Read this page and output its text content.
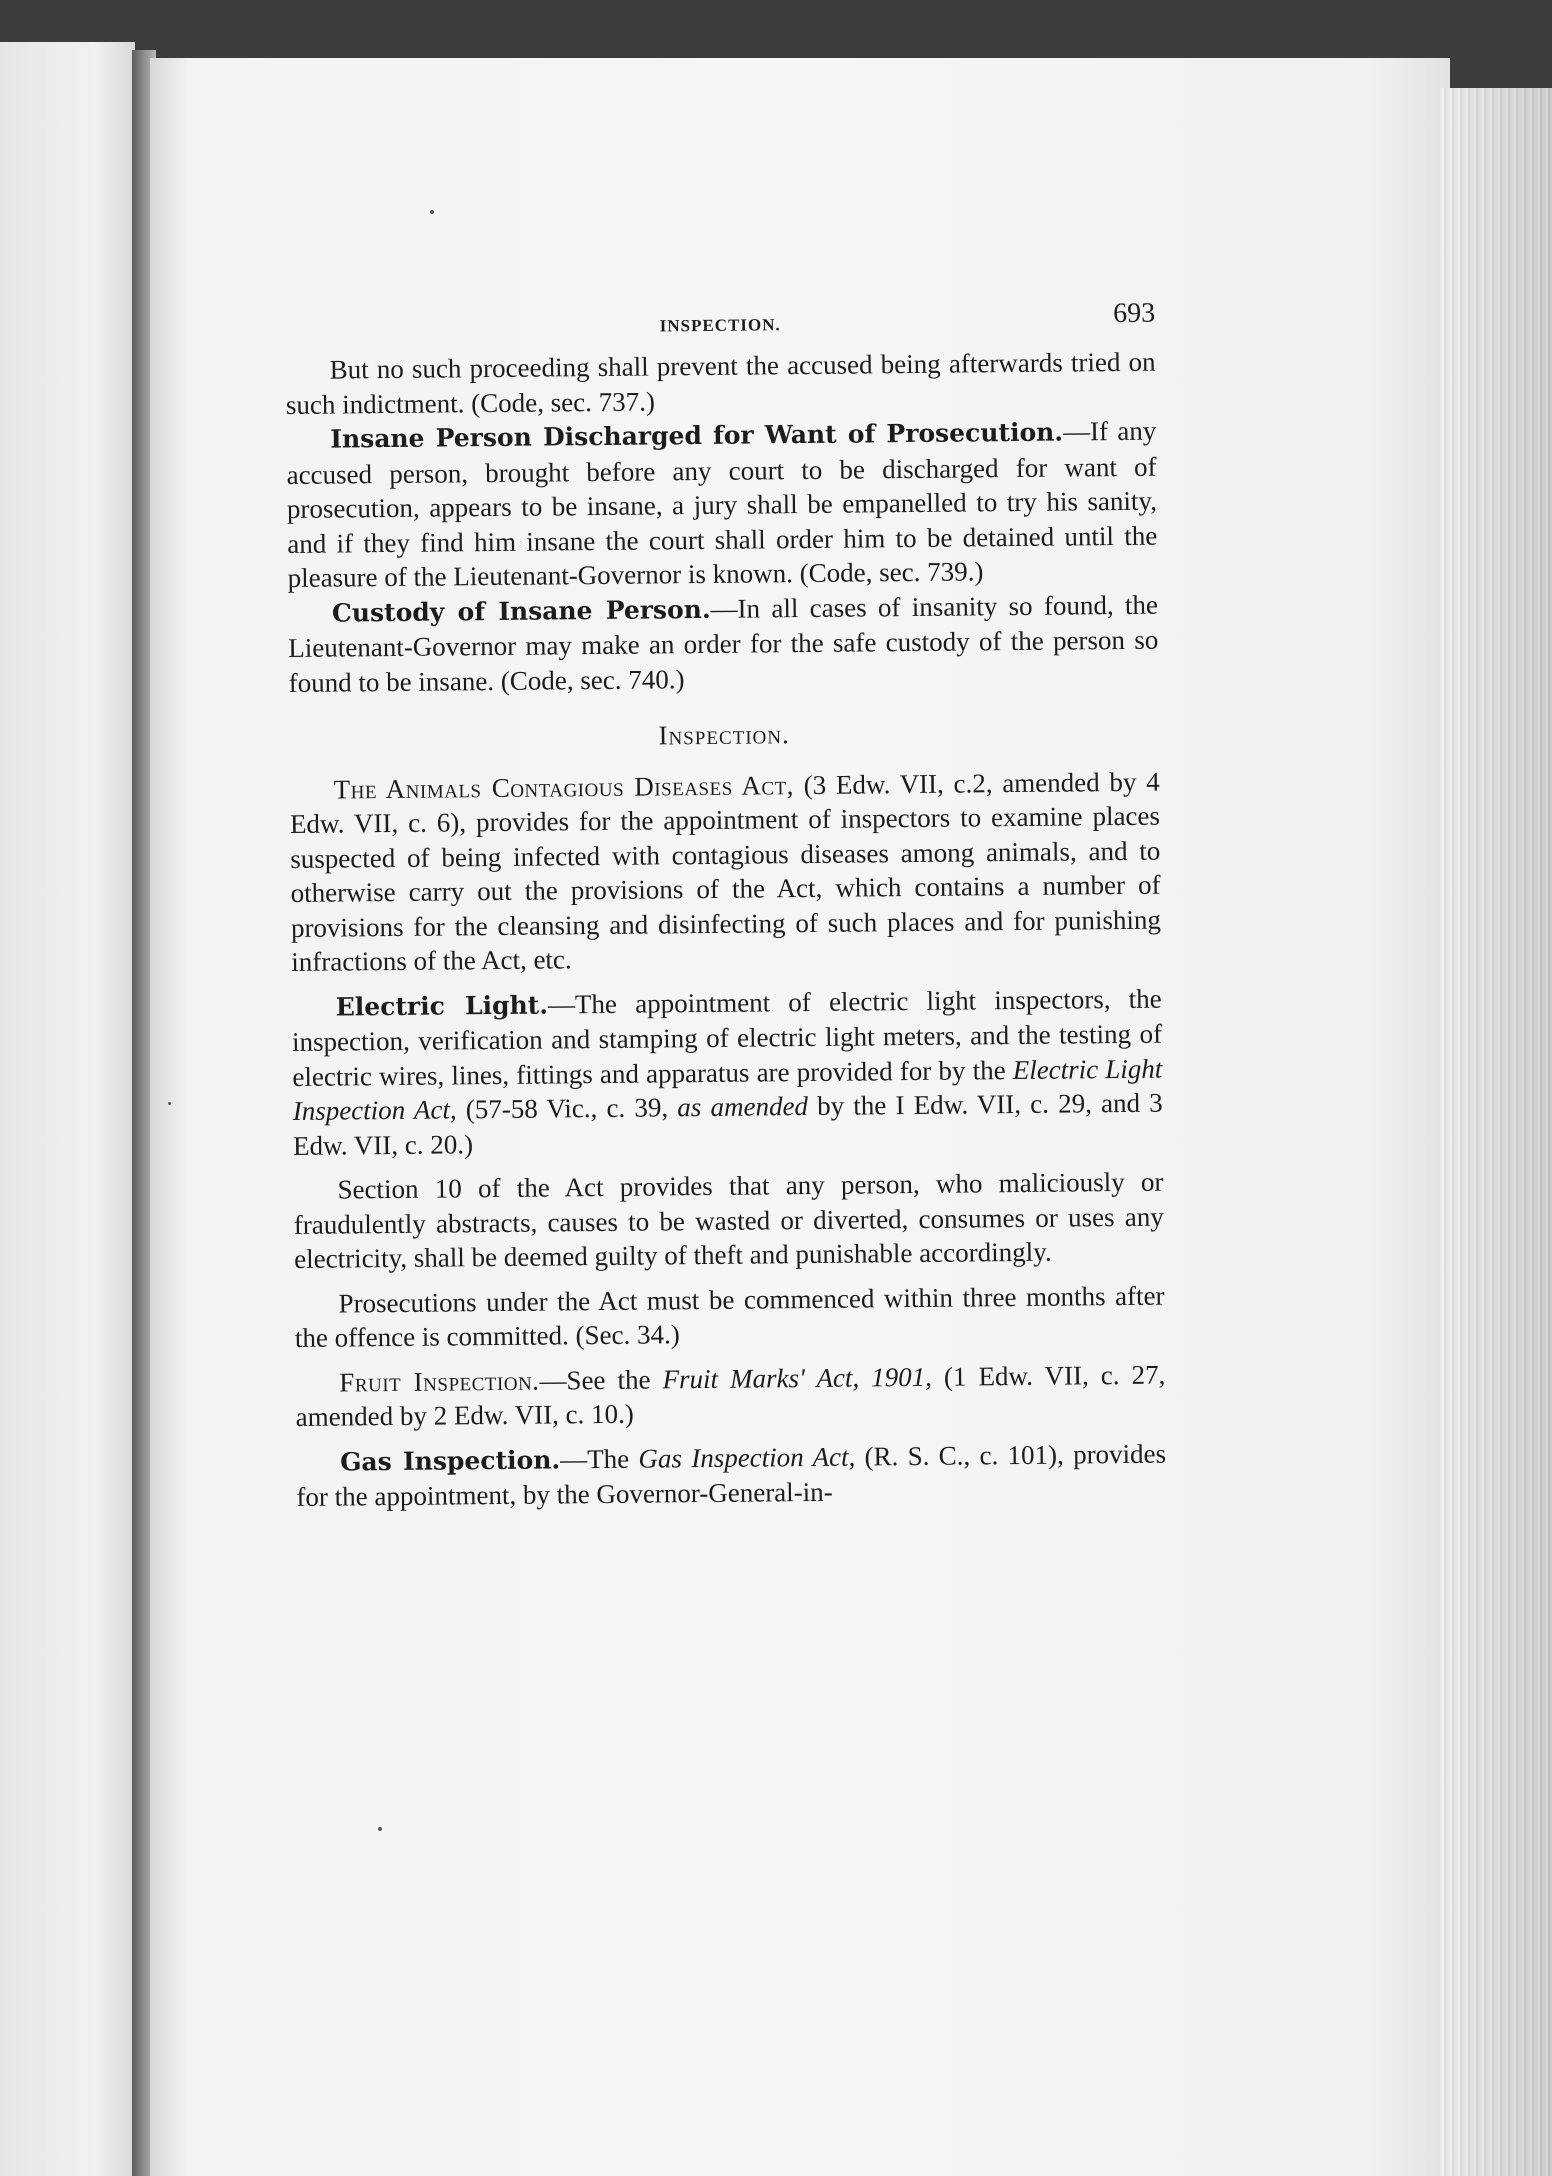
INSPECTION.	693

But no such proceeding shall prevent the accused being afterwards tried on such indictment. (Code, sec. 737.)

Insane Person Discharged for Want of Prosecution.—If any accused person, brought before any court to be discharged for want of prosecution, appears to be insane, a jury shall be empanelled to try his sanity, and if they find him insane the court shall order him to be detained until the pleasure of the Lieutenant-Governor is known. (Code, sec. 739.)

Custody of Insane Person.—In all cases of insanity so found, the Lieutenant-Governor may make an order for the safe custody of the person so found to be insane. (Code, sec. 740.)

Inspection.

The Animals Contagious Diseases Act, (3 Edw. VII, c.2, amended by 4 Edw. VII, c. 6), provides for the appointment of inspectors to examine places suspected of being infected with contagious diseases among animals, and to otherwise carry out the provisions of the Act, which contains a number of provisions for the cleansing and disinfecting of such places and for punishing infractions of the Act, etc.

Electric Light.—The appointment of electric light inspectors, the inspection, verification and stamping of electric light meters, and the testing of electric wires, lines, fittings and apparatus are provided for by the Electric Light Inspection Act, (57-58 Vic., c. 39, as amended by the I Edw. VII, c. 29, and 3 Edw. VII, c. 20.)

Section 10 of the Act provides that any person, who maliciously or fraudulently abstracts, causes to be wasted or diverted, consumes or uses any electricity, shall be deemed guilty of theft and punishable accordingly.

Prosecutions under the Act must be commenced within three months after the offence is committed. (Sec. 34.)

Fruit Inspection.—See the Fruit Marks' Act, 1901, (1 Edw. VII, c. 27, amended by 2 Edw. VII, c. 10.)

Gas Inspection.—The Gas Inspection Act, (R. S. C., c. 101), provides for the appointment, by the Governor-General-in-
